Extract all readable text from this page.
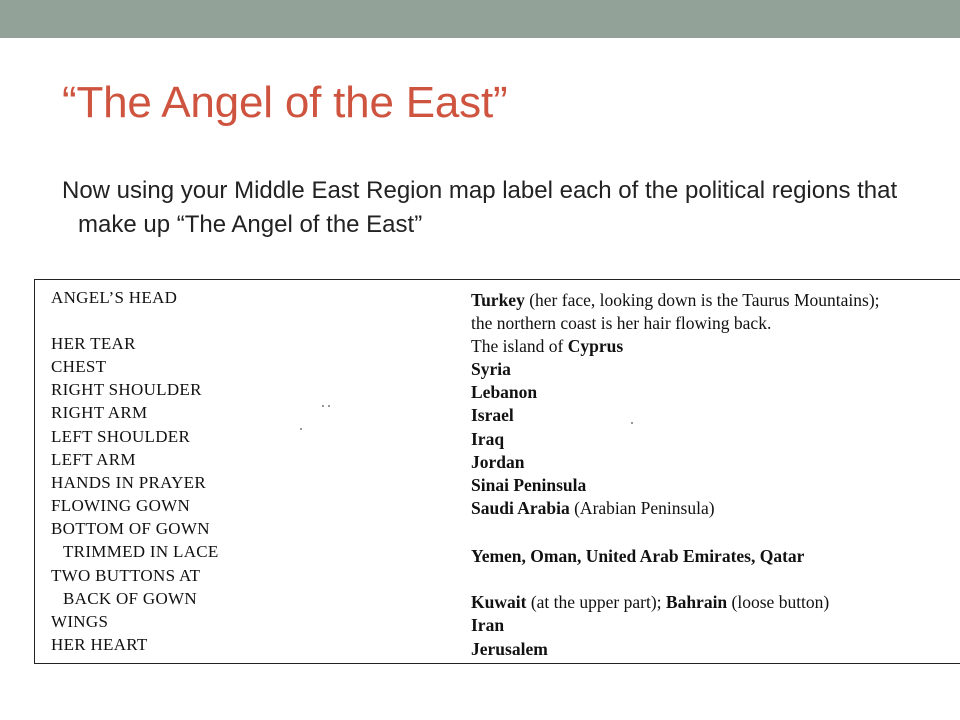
“The Angel of the East”
Now using your Middle East Region map label each of the political regions that make up “The Angel of the East”
ANGEL’S HEAD
HER TEAR
CHEST
RIGHT SHOULDER
RIGHT ARM
LEFT SHOULDER
LEFT ARM
HANDS IN PRAYER
FLOWING GOWN
BOTTOM OF GOWN
TRIMMED IN LACE
TWO BUTTONS AT
BACK OF GOWN
WINGS
HER HEART
Turkey (her face, looking down is the Taurus Mountains);
the northern coast is her hair flowing back.
The island of Cyprus
Syria
Lebanon
Israel
Iraq
Jordan
Sinai Peninsula
Saudi Arabia (Arabian Peninsula)
Yemen, Oman, United Arab Emirates, Qatar
Kuwait (at the upper part); Bahrain (loose button)
Iran
Jerusalem
